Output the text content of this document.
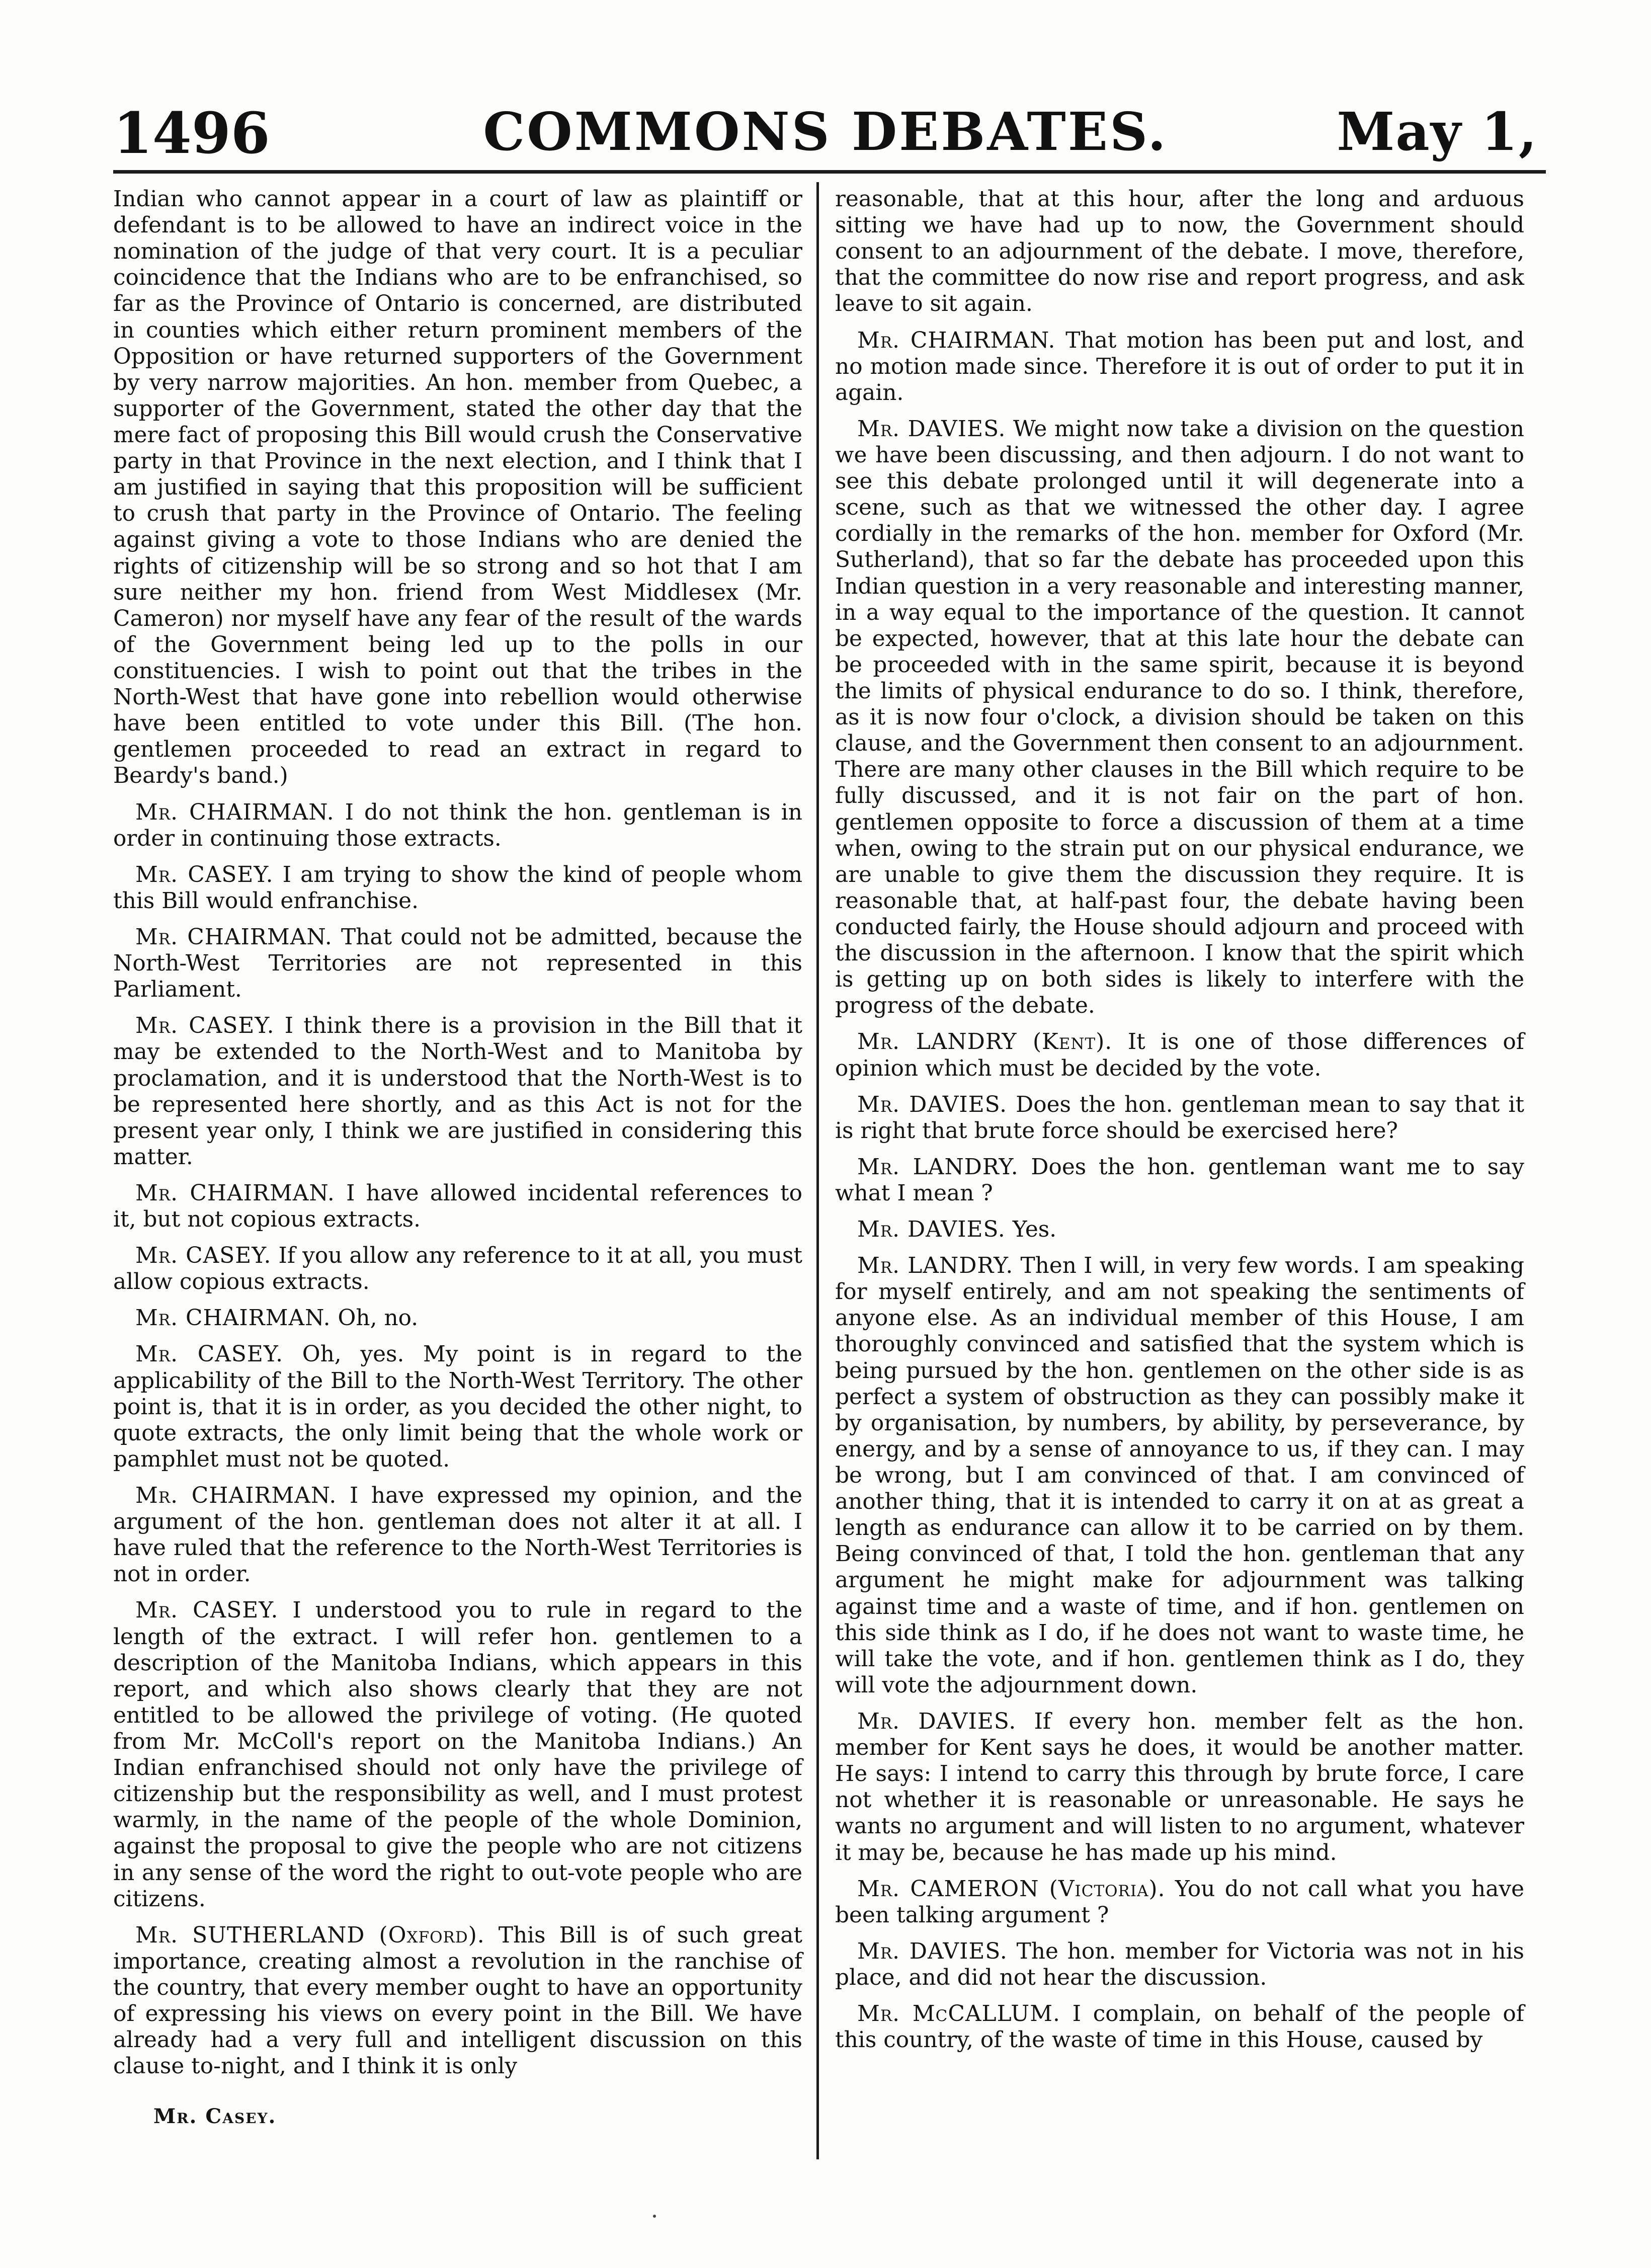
1496	COMMONS DEBATES.	May 1,

Indian who cannot appear in a court of law as plaintiff or defendant is to be allowed to have an indirect voice in the nomination of the judge of that very court. It is a peculiar coincidence that the Indians who are to be enfranchised, so far as the Province of Ontario is concerned, are distributed in counties which either return prominent members of the Opposition or have returned supporters of the Government by very narrow majorities. An hon. member from Quebec, a supporter of the Government, stated the other day that the mere fact of proposing this Bill would crush the Conservative party in that Province in the next election, and I think that I am justified in saying that this proposition will be sufficient to crush that party in the Province of Ontario. The feeling against giving a vote to those Indians who are denied the rights of citizenship will be so strong and so hot that I am sure neither my hon. friend from West Middlesex (Mr. Cameron) nor myself have any fear of the result of the wards of the Government being led up to the polls in our constituencies. I wish to point out that the tribes in the North-West that have gone into rebellion would otherwise have been entitled to vote under this Bill. (The hon. gentlemen proceeded to read an extract in regard to Beardy's band.)

Mr. CHAIRMAN. I do not think the hon. gentleman is in order in continuing those extracts.

Mr. CASEY. I am trying to show the kind of people whom this Bill would enfranchise.

Mr. CHAIRMAN. That could not be admitted, because the North-West Territories are not represented in this Parliament.

Mr. CASEY. I think there is a provision in the Bill that it may be extended to the North-West and to Manitoba by proclamation, and it is understood that the North-West is to be represented here shortly, and as this Act is not for the present year only, I think we are justified in considering this matter.

Mr. CHAIRMAN. I have allowed incidental references to it, but not copious extracts.

Mr. CASEY. If you allow any reference to it at all, you must allow copious extracts.

Mr. CHAIRMAN. Oh, no.

Mr. CASEY. Oh, yes. My point is in regard to the applicability of the Bill to the North-West Territory. The other point is, that it is in order, as you decided the other night, to quote extracts, the only limit being that the whole work or pamphlet must not be quoted.

Mr. CHAIRMAN. I have expressed my opinion, and the argument of the hon. gentleman does not alter it at all. I have ruled that the reference to the North-West Territories is not in order.

Mr. CASEY. I understood you to rule in regard to the length of the extract. I will refer hon. gentlemen to a description of the Manitoba Indians, which appears in this report, and which also shows clearly that they are not entitled to be allowed the privilege of voting. (He quoted from Mr. McColl's report on the Manitoba Indians.) An Indian enfranchised should not only have the privilege of citizenship but the responsibility as well, and I must protest warmly, in the name of the people of the whole Dominion, against the proposal to give the people who are not citizens in any sense of the word the right to out-vote people who are citizens.

Mr. SUTHERLAND (Oxford). This Bill is of such great importance, creating almost a revolution in the ranchise of the country, that every member ought to have an opportunity of expressing his views on every point in the Bill. We have already had a very full and intelligent discussion on this clause to-night, and I think it is only

reasonable, that at this hour, after the long and arduous sitting we have had up to now, the Government should consent to an adjournment of the debate. I move, therefore, that the committee do now rise and report progress, and ask leave to sit again.

Mr. CHAIRMAN. That motion has been put and lost, and no motion made since. Therefore it is out of order to put it in again.

Mr. DAVIES. We might now take a division on the question we have been discussing, and then adjourn. I do not want to see this debate prolonged until it will degenerate into a scene, such as that we witnessed the other day. I agree cordially in the remarks of the hon. member for Oxford (Mr. Sutherland), that so far the debate has proceeded upon this Indian question in a very reasonable and interesting manner, in a way equal to the importance of the question. It cannot be expected, however, that at this late hour the debate can be proceeded with in the same spirit, because it is beyond the limits of physical endurance to do so. I think, therefore, as it is now four o'clock, a division should be taken on this clause, and the Government then consent to an adjournment. There are many other clauses in the Bill which require to be fully discussed, and it is not fair on the part of hon. gentlemen opposite to force a discussion of them at a time when, owing to the strain put on our physical endurance, we are unable to give them the discussion they require. It is reasonable that, at half-past four, the debate having been conducted fairly, the House should adjourn and proceed with the discussion in the afternoon. I know that the spirit which is getting up on both sides is likely to interfere with the progress of the debate.

Mr. LANDRY (Kent). It is one of those differences of opinion which must be decided by the vote.

Mr. DAVIES. Does the hon. gentleman mean to say that it is right that brute force should be exercised here?

Mr. LANDRY. Does the hon. gentleman want me to say what I mean ?

Mr. DAVIES. Yes.

Mr. LANDRY. Then I will, in very few words. I am speaking for myself entirely, and am not speaking the sentiments of anyone else. As an individual member of this House, I am thoroughly convinced and satisfied that the system which is being pursued by the hon. gentlemen on the other side is as perfect a system of obstruction as they can possibly make it by organisation, by numbers, by ability, by perseverance, by energy, and by a sense of annoyance to us, if they can. I may be wrong, but I am convinced of that. I am convinced of another thing, that it is intended to carry it on at as great a length as endurance can allow it to be carried on by them. Being convinced of that, I told the hon. gentleman that any argument he might make for adjournment was talking against time and a waste of time, and if hon. gentlemen on this side think as I do, if he does not want to waste time, he will take the vote, and if hon. gentlemen think as I do, they will vote the adjournment down.

Mr. DAVIES. If every hon. member felt as the hon. member for Kent says he does, it would be another matter. He says: I intend to carry this through by brute force, I care not whether it is reasonable or unreasonable. He says he wants no argument and will listen to no argument, whatever it may be, because he has made up his mind.

Mr. CAMERON (Victoria). You do not call what you have been talking argument ?

Mr. DAVIES. The hon. member for Victoria was not in his place, and did not hear the discussion.

Mr. McCALLUM. I complain, on behalf of the people of this country, of the waste of time in this House, caused by

Mr. Casey.
